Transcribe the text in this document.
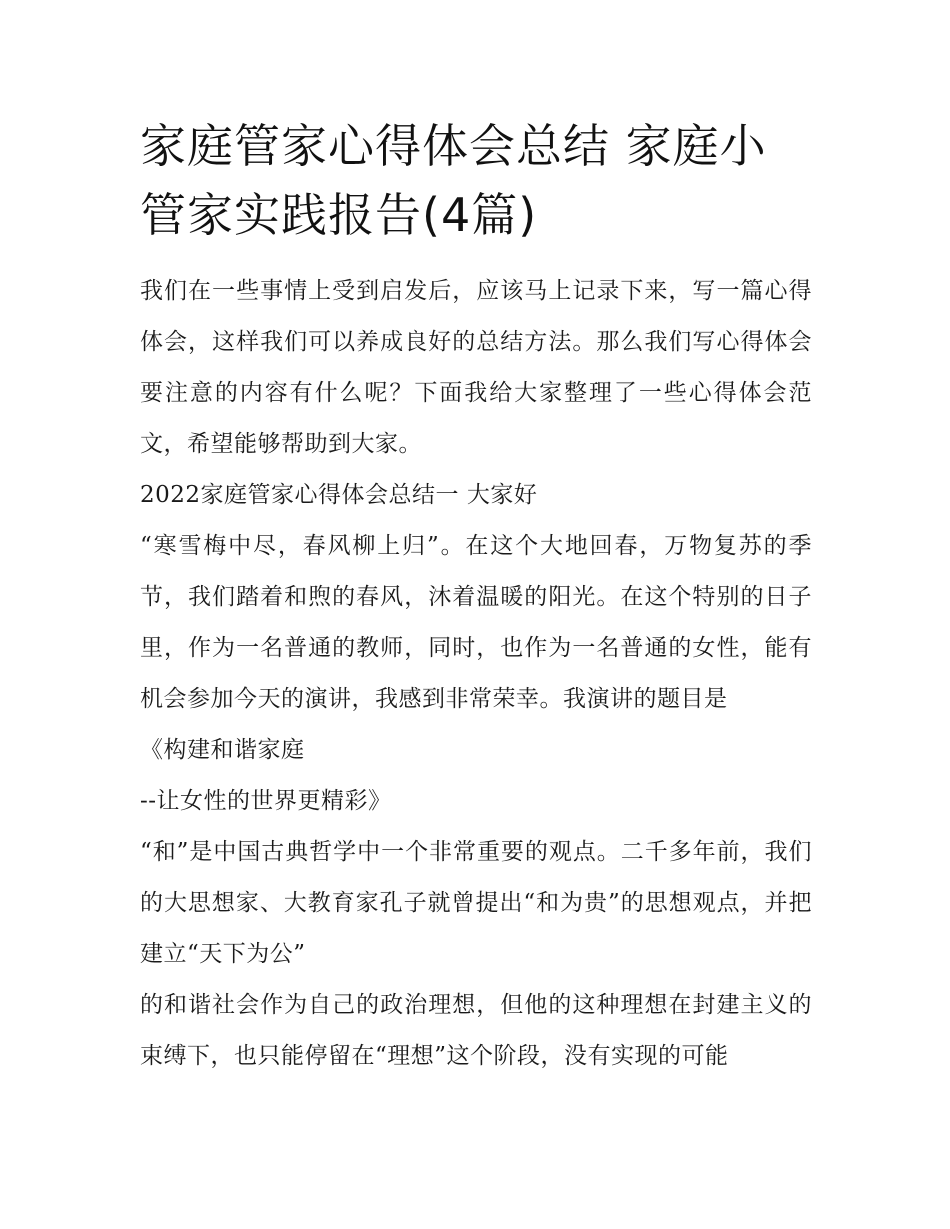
家庭管家心得体会总结 家庭小管家实践报告(4篇)

我们在一些事情上受到启发后，应该马上记录下来，写一篇心得体会，这样我们可以养成良好的总结方法。那么我们写心得体会要注意的内容有什么呢？下面我给大家整理了一些心得体会范文，希望能够帮助到大家。

2022家庭管家心得体会总结一 大家好

“寒雪梅中尽，春风柳上归”。在这个大地回春，万物复苏的季节，我们踏着和煦的春风，沐着温暖的阳光。在这个特别的日子里，作为一名普通的教师，同时，也作为一名普通的女性，能有机会参加今天的演讲，我感到非常荣幸。我演讲的题目是

《构建和谐家庭

--让女性的世界更精彩》

“和”是中国古典哲学中一个非常重要的观点。二千多年前，我们的大思想家、大教育家孔子就曾提出“和为贵”的思想观点，并把建立“天下为公”

的和谐社会作为自己的政治理想，但他的这种理想在封建主义的束缚下，也只能停留在“理想”这个阶段，没有实现的可能
